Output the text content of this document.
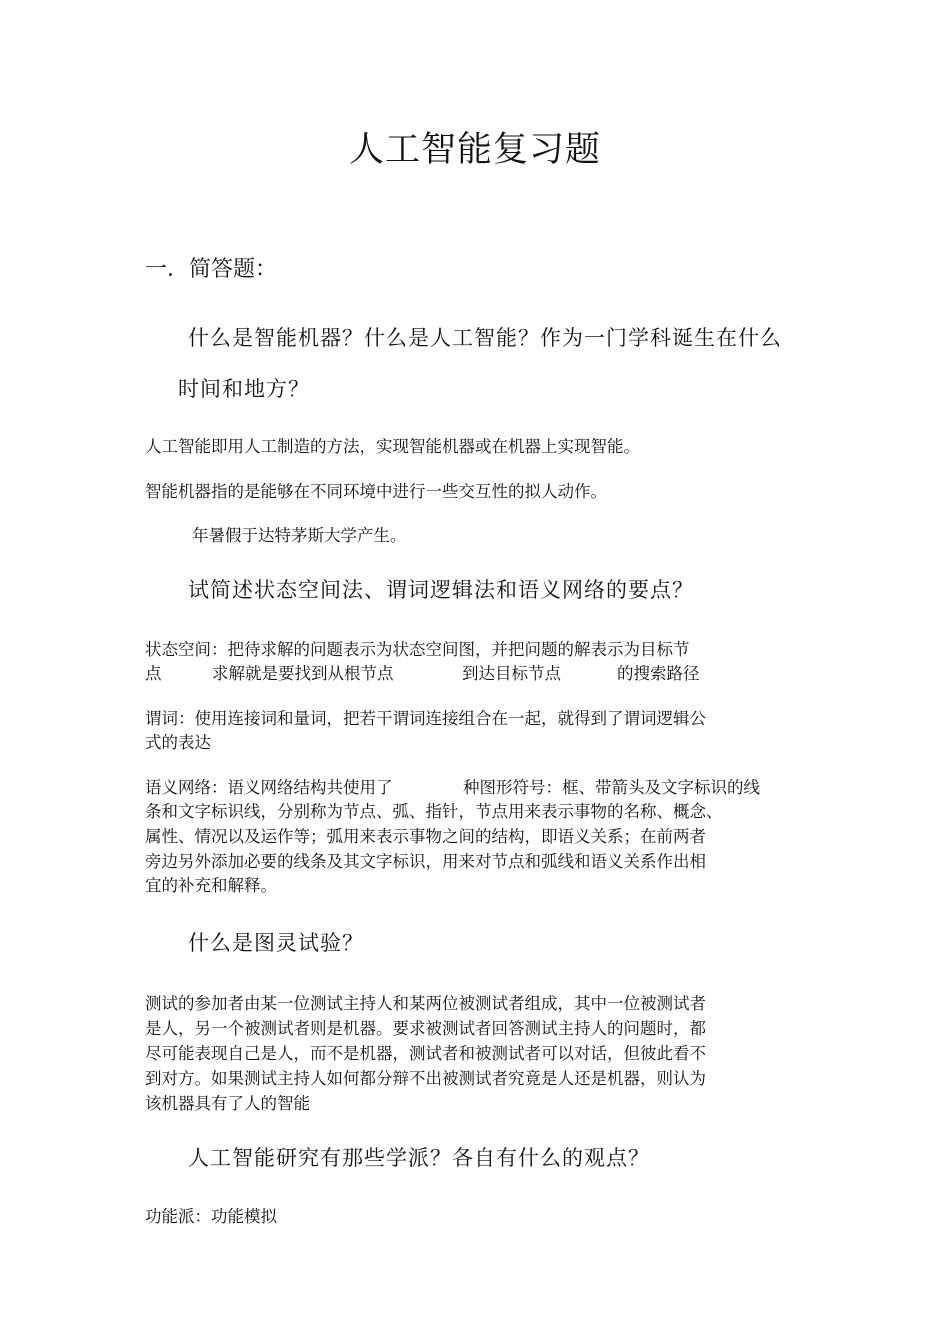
人工智能复习题
一．简答题：
什么是智能机器？什么是人工智能？作为一门学科诞生在什么
时间和地方？
人工智能即用人工制造的方法，实现智能机器或在机器上实现智能。
智能机器指的是能够在不同环境中进行一些交互性的拟人动作。
年暑假于达特茅斯大学产生。
试简述状态空间法、谓词逻辑法和语义网络的要点？
状态空间：把待求解的问题表示为状态空间图，并把问题的解表示为目标节
点	求解就是要找到从根节点	到达目标节点	的搜索路径
谓词：使用连接词和量词，把若干谓词连接组合在一起，就得到了谓词逻辑公
式的表达
语义网络：语义网络结构共使用了	种图形符号：框、带箭头及文字标识的线
条和文字标识线，分别称为节点、弧、指针，节点用来表示事物的名称、概念、
属性、情况以及运作等；弧用来表示事物之间的结构，即语义关系；在前两者
旁边另外添加必要的线条及其文字标识，用来对节点和弧线和语义关系作出相
宜的补充和解释。
什么是图灵试验？
测试的参加者由某一位测试主持人和某两位被测试者组成，其中一位被测试者
是人，另一个被测试者则是机器。要求被测试者回答测试主持人的问题时，都
尽可能表现自己是人，而不是机器，测试者和被测试者可以对话，但彼此看不
到对方。如果测试主持人如何都分辩不出被测试者究竟是人还是机器，则认为
该机器具有了人的智能
人工智能研究有那些学派？各自有什么的观点？
功能派：功能模拟
